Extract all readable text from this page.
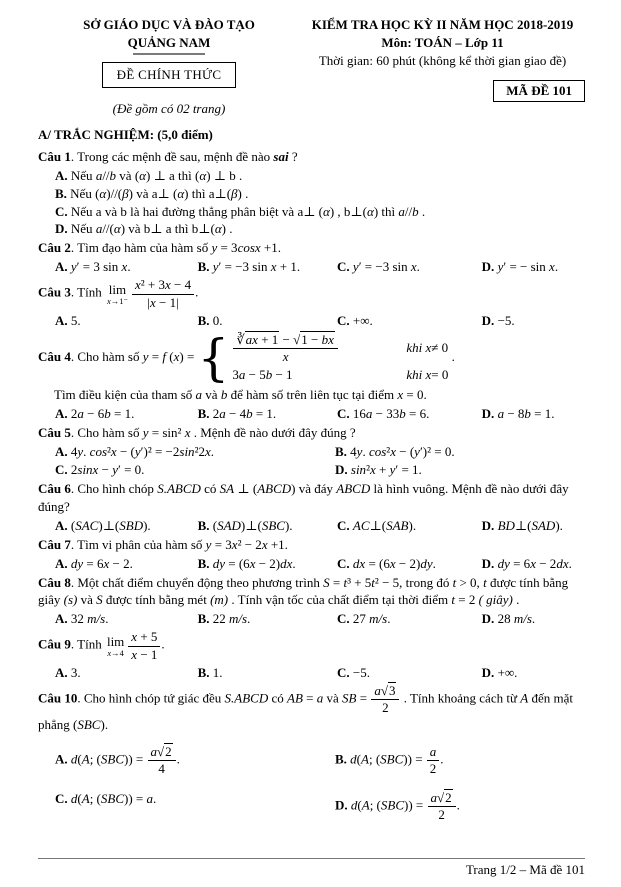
SỞ GIÁO DỤC VÀ ĐÀO TẠO
QUẢNG NAM
ĐỀ CHÍNH THỨC
(Đề gồm có 02 trang)
KIỂM TRA HỌC KỲ II NĂM HỌC 2018-2019
Môn: TOÁN – Lớp 11
Thời gian: 60 phút (không kể thời gian giao đề)
MÃ ĐỀ 101
A/ TRẮC NGHIỆM: (5,0 điểm)
Câu 1. Trong các mệnh đề sau, mệnh đề nào sai ?
A. Nếu a//b và (α) ⊥ a thì (α) ⊥ b .
B. Nếu (α)//(β) và a⊥ (α) thì a⊥(β) .
C. Nếu a và b là hai đường thẳng phân biệt và a⊥ (α) , b⊥(α) thì a//b .
D. Nếu a//(α) và b⊥ a thì b⊥(α) .
Câu 2. Tìm đạo hàm của hàm số y = 3cosx +1.
A. y′ = 3 sin x.	B. y′ = −3 sin x + 1.	C. y′ = −3 sin x.	D. y′ = − sin x.
Câu 3. Tính lim
$x\to 1^- \frac{\text{x² + 3x − 4}}{|x - 1|}$ .
A. 5.	B. 0.	C. +∞.	D. −5.
Câu 4. Cho hàm số y = f (x) = { $\frac{∛ax + 1 - √1 - bx}{x}$	khi x ≠ 0
3a − 5b − 1	khi x = 0
.
Tìm điều kiện của tham số a và b để hàm số trên liên tục tại điểm x = 0.
A. 2a − 6b = 1.	B. 2a − 4b = 1.	C. 16a − 33b = 6.	D. a − 8b = 1.
Câu 5. Cho hàm số y = sin² x . Mệnh đề nào dưới đây đúng ?
A. 4y. cos²x − (y′)² = −2sin²2x.	B. 4y. cos²x − (y′)² = 0.
C. 2sinx − y′ = 0.	D. sin²x + y′ = 1.
Câu 6. Cho hình chóp S.ABCD có SA ⊥ (ABCD) và đáy ABCD là hình vuông. Mệnh đề nào dưới đây đúng?
A. (SAC)⊥(SBD).	B. (SAD)⊥(SBC).	C. AC⊥(SAB).	D. BD⊥(SAD).
Câu 7. Tìm vi phân của hàm số y = 3x² − 2x +1.
A. dy = 6x − 2.	B. dy = (6x − 2)dx.	C. dx = (6x − 2)dy.	D. dy = 6x − 2dx.
Câu 8. Một chất điểm chuyển động theo phương trình S = t³ + 5t² − 5, trong đó t > 0, t được tính bằng giây (s) và S được tính bằng mét (m) . Tính vận tốc của chất điểm tại thời điểm t = 2 ( giây) .
A. 32 m/s.	B. 22 m/s.	C. 27 m/s.	D. 28 m/s.
Câu 9. Tính lim
$x\to 4 \frac{x + 5}{x - 1}$ .
A. 3.	B. 1.	C. −5.	D. +∞.
Câu 10. Cho hình chóp tứ giác đều S.ABCD có AB = a và SB = $\frac{a√3}{2}$ . Tính khoảng cách từ A đến mặt phẳng (SBC).
A. d(A; $(SBC)) = \frac{a√2}{4}$ .	B. d(A; $(SBC)) = \frac{a}{2}$ .
C. d(A; (SBC)) = a.	D. d(A; $(SBC)) = \frac{a√2}{2}$ .
Trang 1/2 – Mã đề 101
